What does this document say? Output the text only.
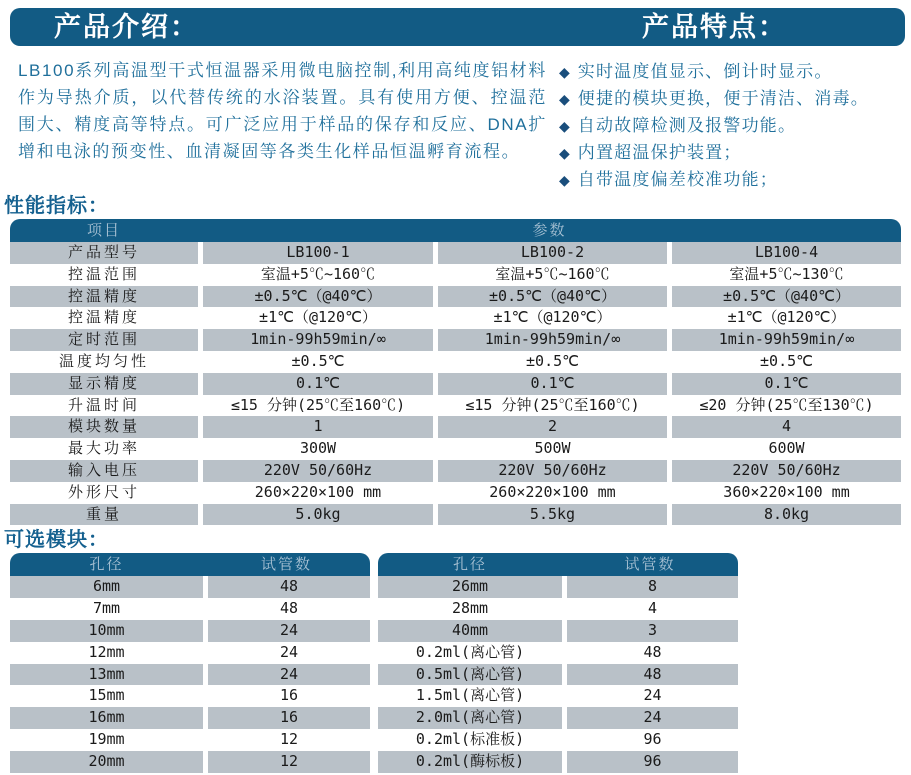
产品介绍：	产品特点：
LB100系列高温型干式恒温器采用微电脑控制,利用高纯度铝材料作为导热介质，以代替传统的水浴装置。具有使用方便、控温范围大、精度高等特点。可广泛应用于样品的保存和反应、DNA扩增和电泳的预变性、血清凝固等各类生化样品恒温孵育流程。
◆ 实时温度值显示、倒计时显示。
◆ 便捷的模块更换，便于清洁、消毒。
◆ 自动故障检测及报警功能。
◆ 内置超温保护装置；
◆ 自带温度偏差校准功能；
性能指标：
项目	参数		
产品型号	LB100-1	LB100-2	LB100-4
控温范围	室温+5℃~160℃	室温+5℃~160℃	室温+5℃~130℃
控温精度	±0.5℃（@40℃）	±0.5℃（@40℃）	±0.5℃（@40℃）
控温精度	±1℃（@120℃）	±1℃（@120℃）	±1℃（@120℃）
定时范围	1min-99h59min/∞	1min-99h59min/∞	1min-99h59min/∞
温度均匀性	±0.5℃	±0.5℃	±0.5℃
显示精度	0.1℃	0.1℃	0.1℃
升温时间	≤15 分钟(25℃至160℃)	≤15 分钟(25℃至160℃)	≤20 分钟(25℃至130℃)
模块数量	1	2	4
最大功率	300W	500W	600W
输入电压	220V 50/60Hz	220V 50/60Hz	220V 50/60Hz
外形尺寸	260×220×100 mm	260×220×100 mm	360×220×100 mm
重量	5.0kg	5.5kg	8.0kg
可选模块：
孔径	试管数
6mm	48
7mm	48
10mm	24
12mm	24
13mm	24
15mm	16
16mm	16
19mm	12
20mm	12
孔径	试管数
26mm	8
28mm	4
40mm	3
0.2ml(离心管)	48
0.5ml(离心管)	48
1.5ml(离心管)	24
2.0ml(离心管)	24
0.2ml(标准板)	96
0.2ml(酶标板)	96
